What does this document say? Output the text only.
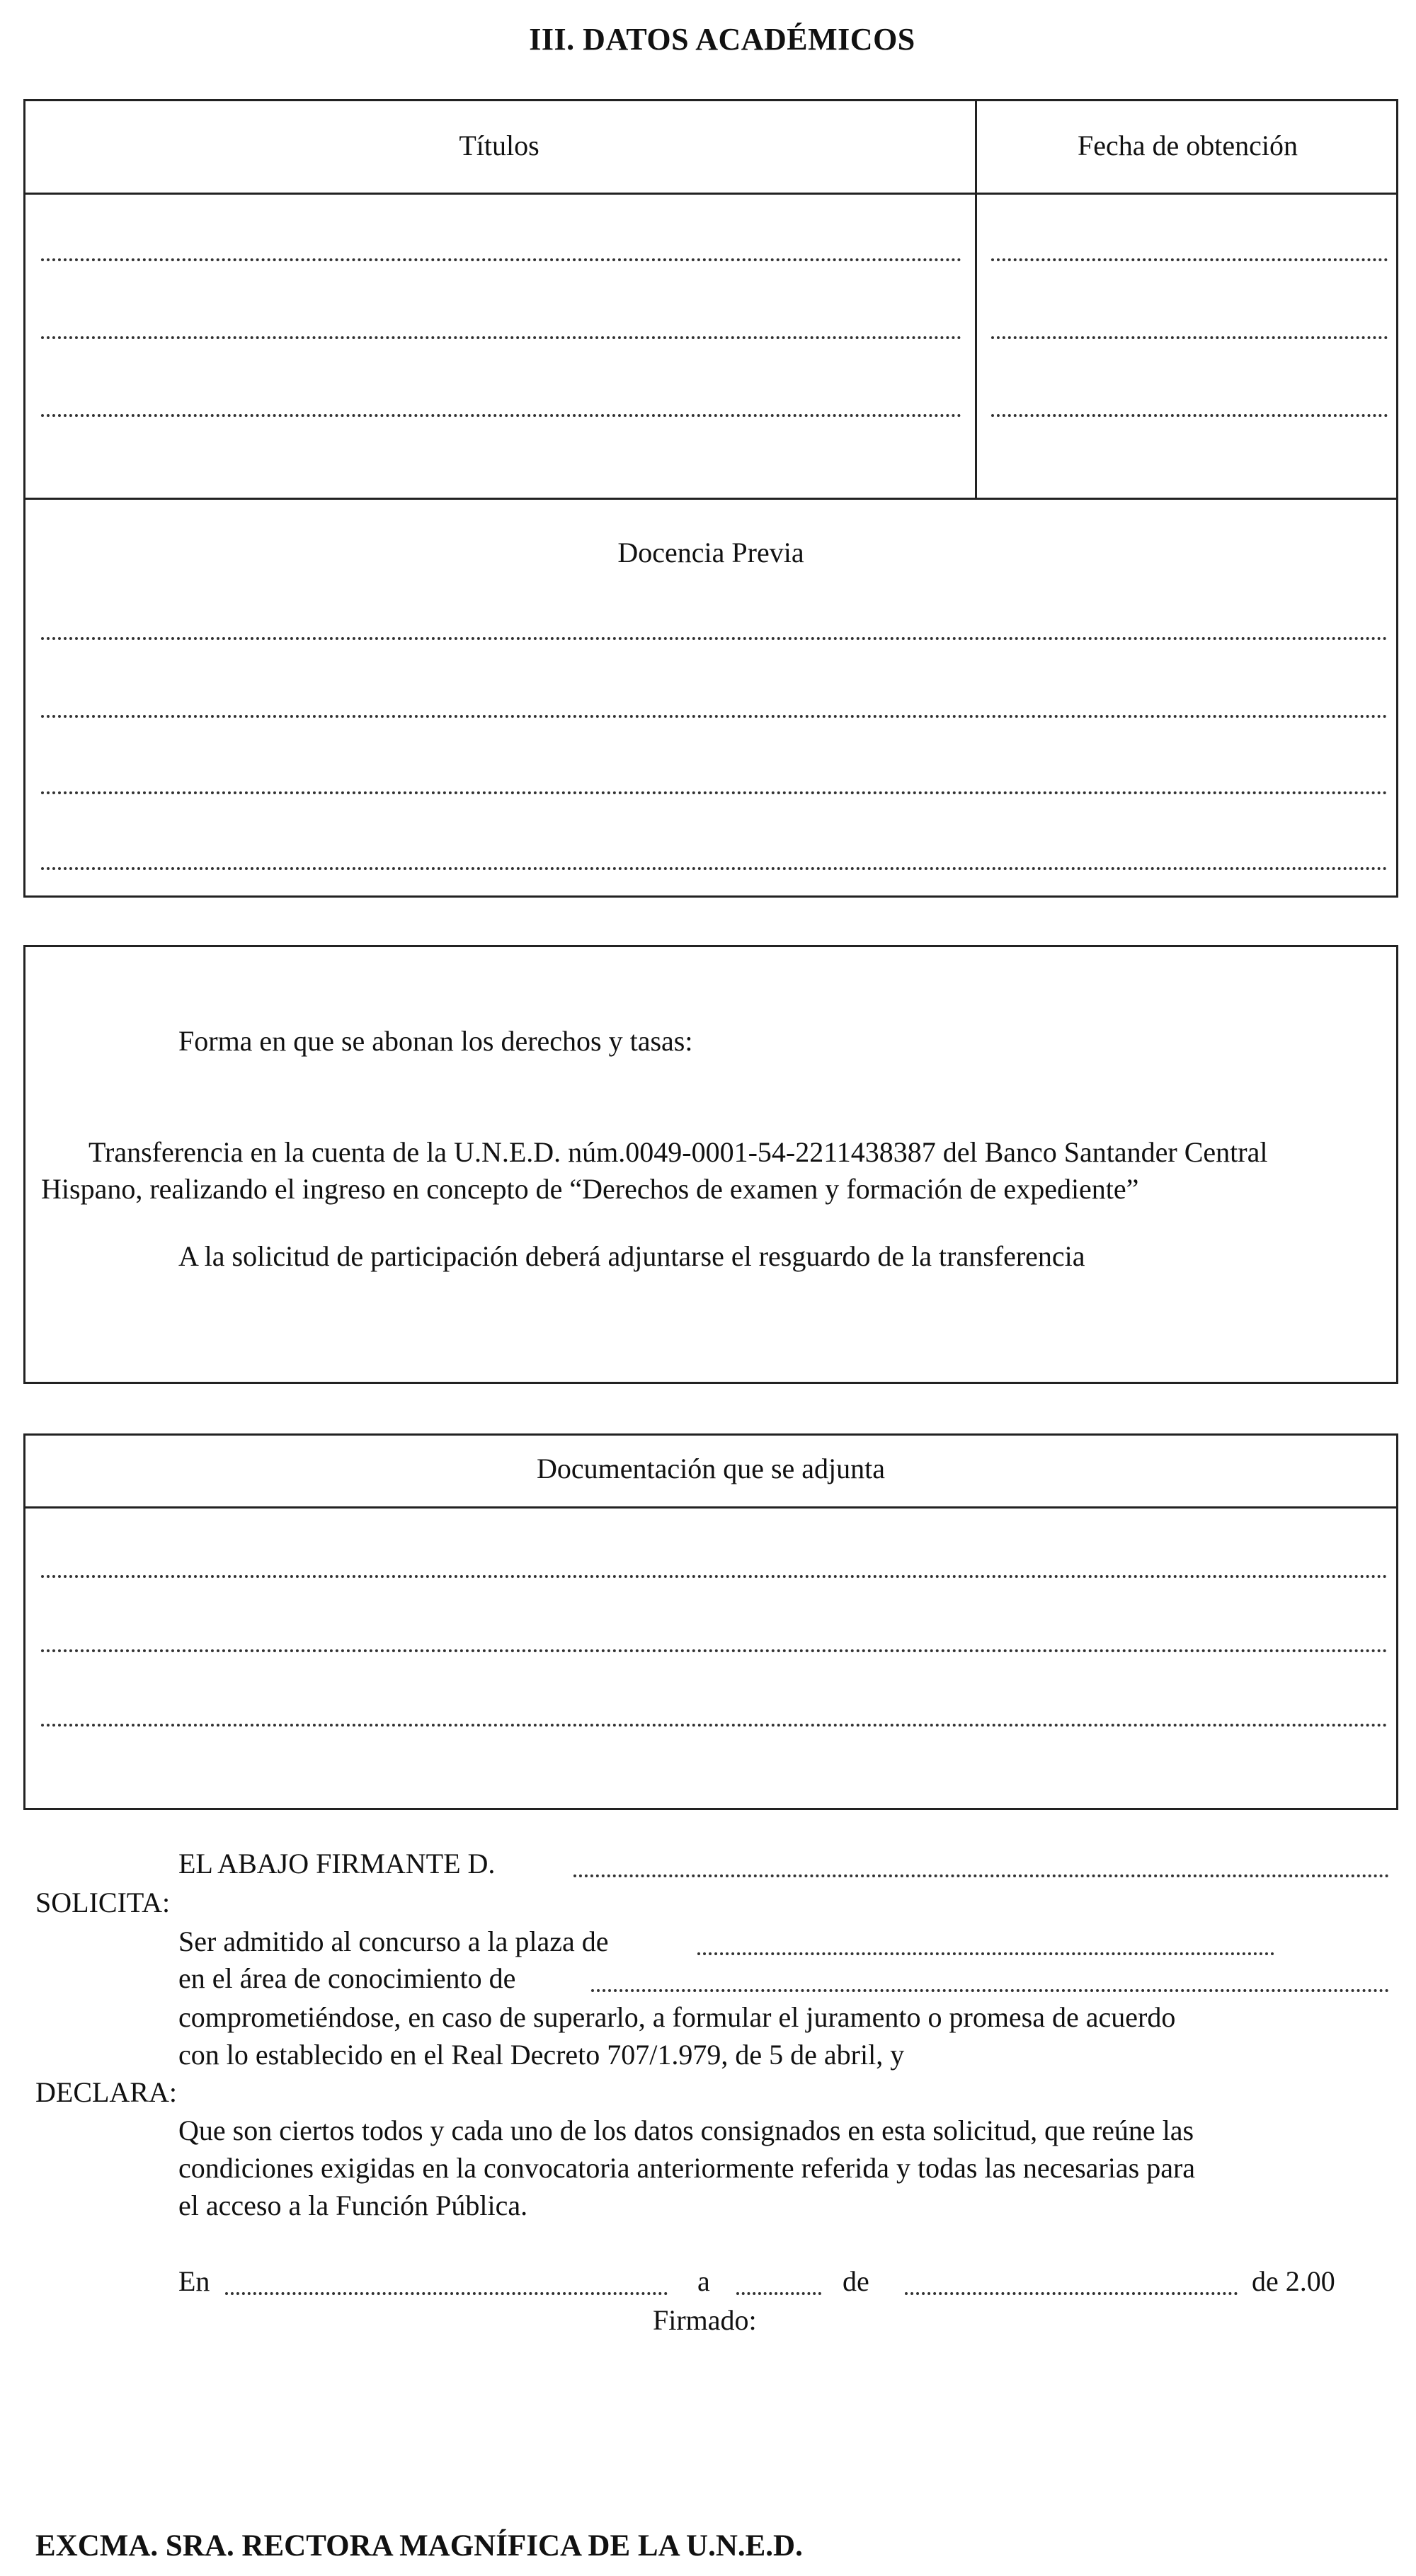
III. DATOS ACADÉMICOS
Títulos	Fecha de obtención
Docencia Previa
Forma en que se abonan los derechos y tasas:
Transferencia en la cuenta de la U.N.E.D. núm.0049-0001-54-2211438387 del Banco Santander Central
Hispano, realizando el ingreso en concepto de “Derechos de examen y formación de expediente”
A la solicitud de participación deberá adjuntarse el resguardo de la transferencia
Documentación que se adjunta
EL ABAJO FIRMANTE D.
SOLICITA:
Ser admitido al concurso a la plaza de
en el área de conocimiento de
comprometiéndose, en caso de superarlo, a formular el juramento o promesa de acuerdo
con lo establecido en el Real Decreto 707/1.979, de 5 de abril, y
DECLARA:
Que son ciertos todos y cada uno de los datos consignados en esta solicitud, que reúne las
condiciones exigidas en la convocatoria anteriormente referida y todas las necesarias para
el acceso a la Función Pública.
En	a	de	de 2.00
Firmado:
EXCMA. SRA. RECTORA MAGNÍFICA DE LA U.N.E.D.
